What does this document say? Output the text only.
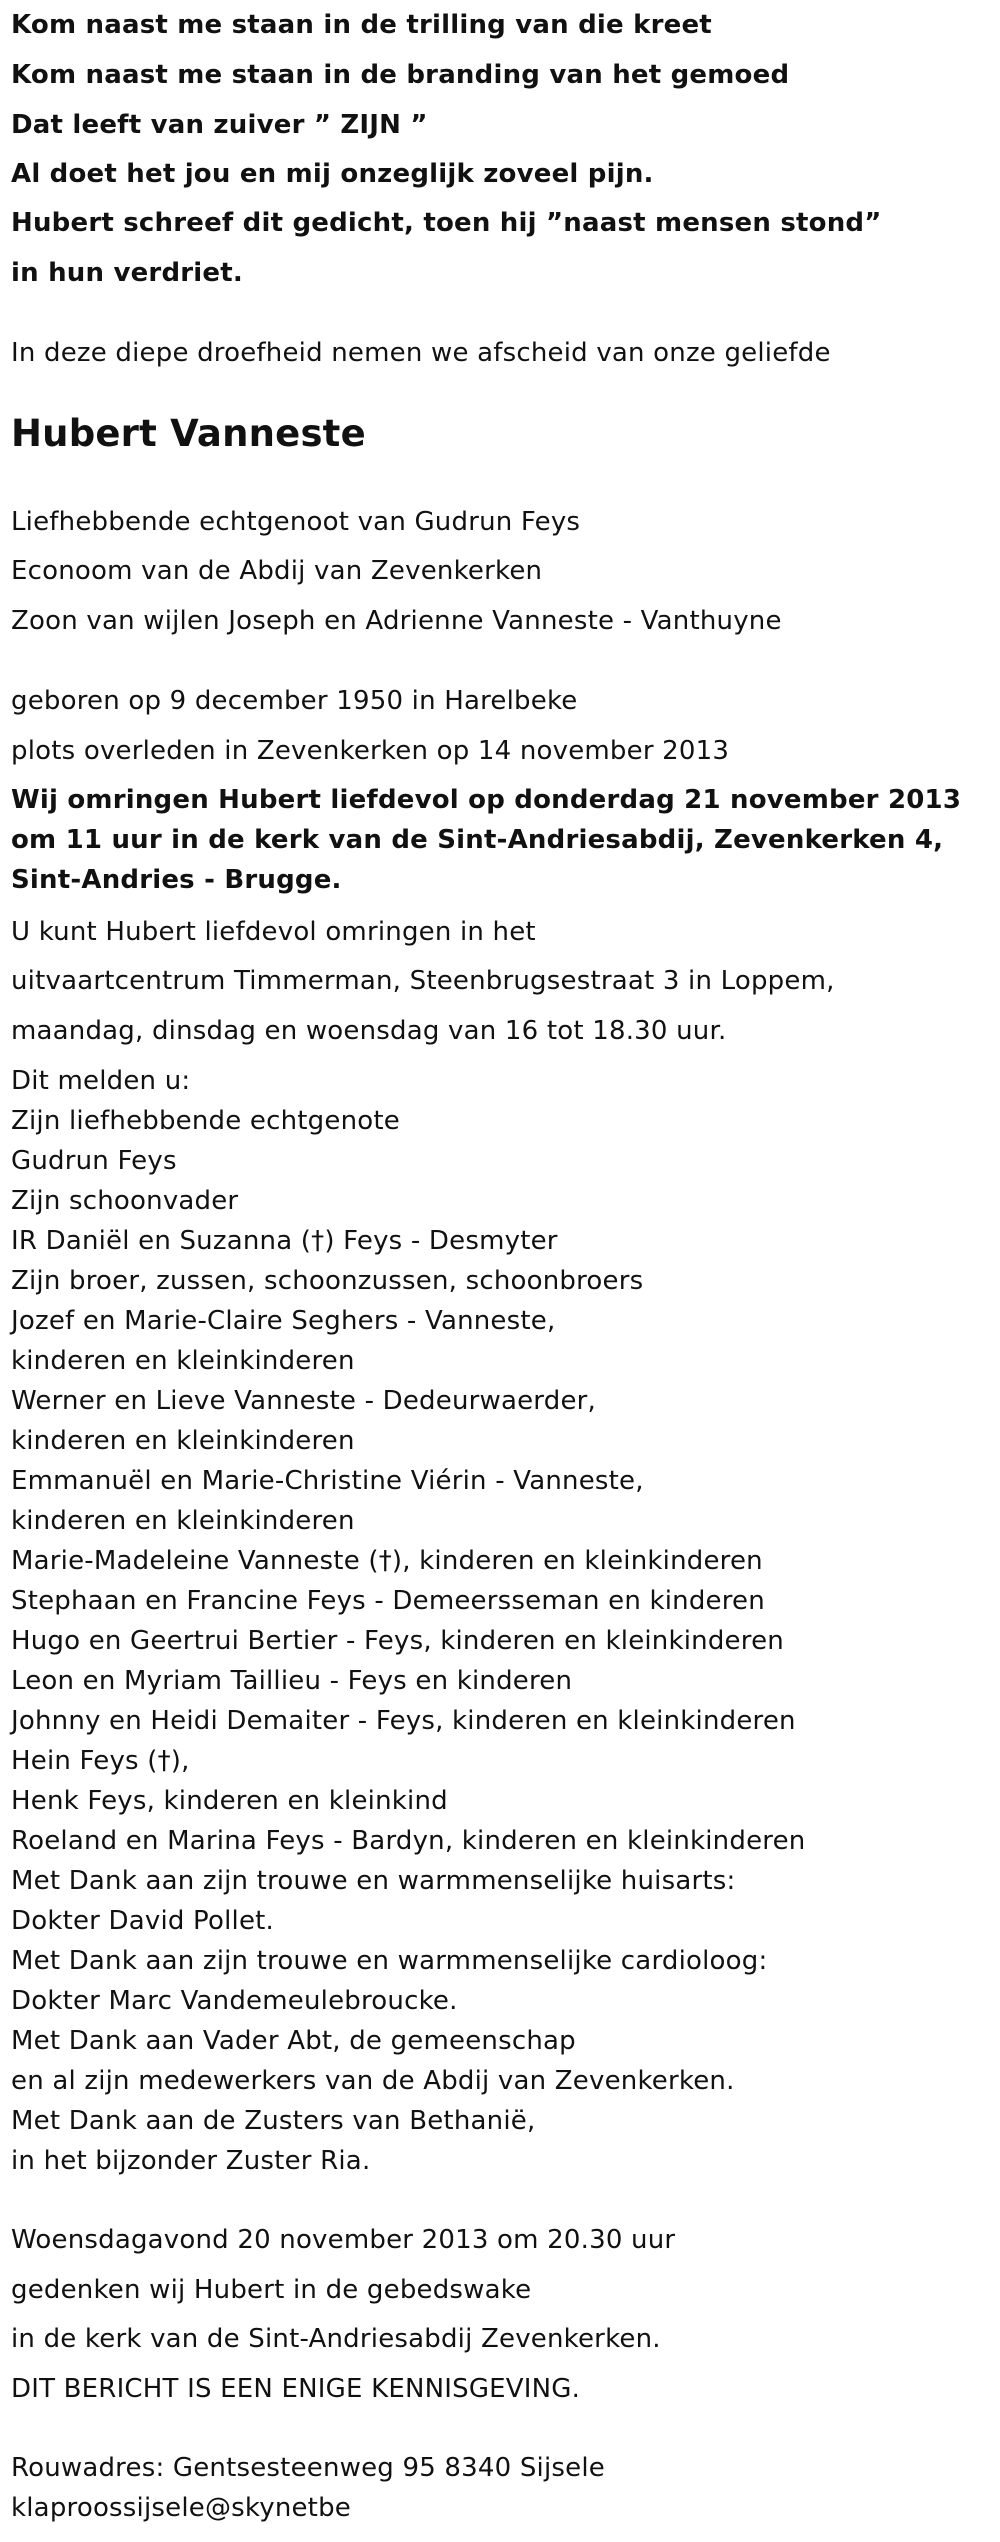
Kom naast me staan in de trilling van die kreet
Kom naast me staan in de branding van het gemoed
Dat leeft van zuiver ” ZIJN ”
Al doet het jou en mij onzeglijk zoveel pijn.
Hubert schreef dit gedicht, toen hij ”naast mensen stond”
in hun verdriet.
In deze diepe droefheid nemen we afscheid van onze geliefde
Hubert Vanneste
Liefhebbende echtgenoot van Gudrun Feys
Econoom van de Abdij van Zevenkerken
Zoon van wijlen Joseph en Adrienne Vanneste - Vanthuyne
geboren op 9 december 1950 in Harelbeke
plots overleden in Zevenkerken op 14 november 2013
Wij omringen Hubert liefdevol op donderdag 21 november 2013 om 11 uur in de kerk van de Sint-Andriesabdij, Zevenkerken 4, Sint-Andries - Brugge.
U kunt Hubert liefdevol omringen in het
uitvaartcentrum Timmerman, Steenbrugsestraat 3 in Loppem,
maandag, dinsdag en woensdag van 16 tot 18.30 uur.
Dit melden u:
Zijn liefhebbende echtgenote
Gudrun Feys
Zijn schoonvader
IR Daniël en Suzanna (†) Feys - Desmyter
Zijn broer, zussen, schoonzussen, schoonbroers
Jozef en Marie-Claire Seghers - Vanneste,
kinderen en kleinkinderen
Werner en Lieve Vanneste - Dedeurwaerder,
kinderen en kleinkinderen
Emmanuël en Marie-Christine Viérin - Vanneste,
kinderen en kleinkinderen
Marie-Madeleine Vanneste (†), kinderen en kleinkinderen
Stephaan en Francine Feys - Demeersseman en kinderen
Hugo en Geertrui Bertier - Feys, kinderen en kleinkinderen
Leon en Myriam Taillieu - Feys en kinderen
Johnny en Heidi Demaiter - Feys, kinderen en kleinkinderen
Hein Feys (†),
Henk Feys, kinderen en kleinkind
Roeland en Marina Feys - Bardyn, kinderen en kleinkinderen
Met Dank aan zijn trouwe en warmmenselijke huisarts:
Dokter David Pollet.
Met Dank aan zijn trouwe en warmmenselijke cardioloog:
Dokter Marc Vandemeulebroucke.
Met Dank aan Vader Abt, de gemeenschap
en al zijn medewerkers van de Abdij van Zevenkerken.
Met Dank aan de Zusters van Bethanië,
in het bijzonder Zuster Ria.
Woensdagavond 20 november 2013 om 20.30 uur
gedenken wij Hubert in de gebedswake
in de kerk van de Sint-Andriesabdij Zevenkerken.
DIT BERICHT IS EEN ENIGE KENNISGEVING.
Rouwadres: Gentsesteenweg 95 8340 Sijsele
klaproossijsele@skynetbe
